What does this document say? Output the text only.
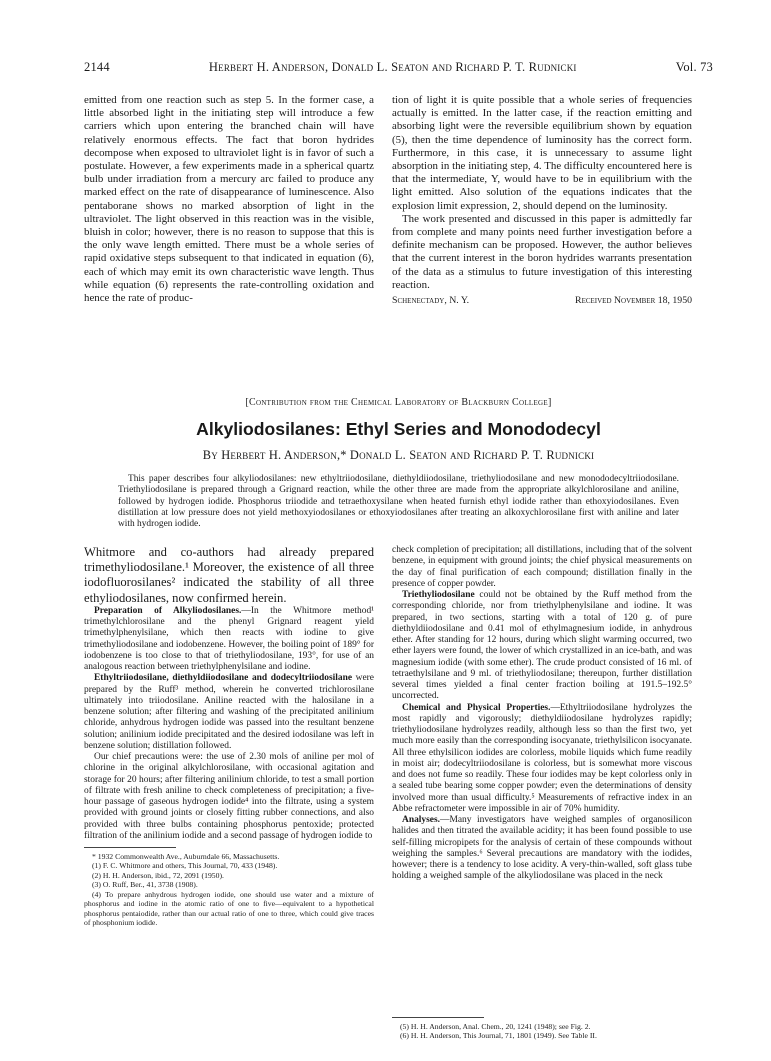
2144	Herbert H. Anderson, Donald L. Seaton and Richard P. T. Rudnicki	Vol. 73

emitted from one reaction such as step 5. In the former case, a little absorbed light in the initiating step will introduce a few carriers which upon entering the branched chain will have relatively enormous effects. The fact that boron hydrides decompose when exposed to ultraviolet light is in favor of such a postulate. However, a few experiments made in a spherical quartz bulb under irradiation from a mercury arc failed to produce any marked effect on the rate of disappearance of luminescence. Also pentaborane shows no marked absorption of light in the ultraviolet. The light observed in this reaction was in the visible, bluish in color; however, there is no reason to suppose that this is the only wave length emitted. There must be a whole series of rapid oxidative steps subsequent to that indicated in equation (6), each of which may emit its own characteristic wave length. Thus while equation (6) represents the rate-controlling oxidation and hence the rate of produc-

tion of light it is quite possible that a whole series of frequencies actually is emitted. In the latter case, if the reaction emitting and absorbing light were the reversible equilibrium shown by equation (5), then the time dependence of luminosity has the correct form. Furthermore, in this case, it is unnecessary to assume light absorption in the initiating step, 4. The difficulty encountered here is that the intermediate, Y, would have to be in equilibrium with the light emitted. Also solution of the equations indicates that the explosion limit expression, 2, should depend on the luminosity.

The work presented and discussed in this paper is admittedly far from complete and many points need further investigation before a definite mechanism can be proposed. However, the author believes that the current interest in the boron hydrides warrants presentation of the data as a stimulus to future investigation of this interesting reaction.

Schenectady, N. Y.	Received November 18, 1950
[Contribution from the Chemical Laboratory of Blackburn College]
Alkyliodosilanes: Ethyl Series and Monododecyl
By Herbert H. Anderson,* Donald L. Seaton and Richard P. T. Rudnicki
This paper describes four alkyliodosilanes: new ethyltriiodosilane, diethyldiiodosilane, triethyliodosilane and new monododecyltriiodosilane. Triethyliodosilane is prepared through a Grignard reaction, while the other three are made from the appropriate alkylchlorosilane and aniline, followed by hydrogen iodide. Phosphorus triiodide and tetraethoxysilane when heated furnish ethyl iodide rather than ethoxyiodosilanes. Even distillation at low pressure does not yield methoxyiodosilanes or ethoxyiodosilanes after treating an alkoxychlorosilane first with aniline and later with hydrogen iodide.

Whitmore and co-authors had already prepared trimethyliodosilane.¹ Moreover, the existence of all three iodofluorosilanes² indicated the stability of all three ethyliodosilanes, now confirmed herein.

Preparation of Alkyliodosilanes.—In the Whitmore method¹ trimethylchlorosilane and the phenyl Grignard reagent yield trimethylphenylsilane, which then reacts with iodine to give trimethyliodosilane and iodobenzene. However, the boiling point of 189° for iodobenzene is too close to that of triethyliodosilane, 193°, for use of an analogous reaction between triethylphenylsilane and iodine.

Ethyltriiodosilane, diethyldiiodosilane and dodecyltriiodosilane were prepared by the Ruff³ method, wherein he converted trichlorosilane ultimately into triiodosilane. Aniline reacted with the halosilane in a benzene solution; after filtering and washing of the precipitated anilinium chloride, anhydrous hydrogen iodide was passed into the resultant benzene solution; anilinium iodide precipitated and the desired iodosilane was left in benzene solution; distillation followed.

Our chief precautions were: the use of 2.30 mols of aniline per mol of chlorine in the original alkylchlorosilane, with occasional agitation and storage for 20 hours; after filtering anilinium chloride, to test a small portion of filtrate with fresh aniline to check completeness of precipitation; a five-hour passage of gaseous hydrogen iodide⁴ into the filtrate, using a system provided with ground joints or closely fitting rubber connections, and also provided with three bulbs containing phosphorus pentoxide; protected filtration of the anilinium iodide and a second passage of hydrogen iodide to

* 1932 Commonwealth Ave., Auburndale 66, Massachusetts.

(1) F. C. Whitmore and others, This Journal, 70, 433 (1948).

(2) H. H. Anderson, ibid., 72, 2091 (1950).

(3) O. Ruff, Ber., 41, 3738 (1908).

(4) To prepare anhydrous hydrogen iodide, one should use water and a mixture of phosphorus and iodine in the atomic ratio of one to five—equivalent to a hypothetical phosphorus pentaiodide, rather than our actual ratio of one to three, which could give traces of phosphonium iodide.

check completion of precipitation; all distillations, including that of the solvent benzene, in equipment with ground joints; the chief physical measurements on the day of final purification of each compound; distillation finally in the presence of copper powder.

Triethyliodosilane could not be obtained by the Ruff method from the corresponding chloride, nor from triethylphenylsilane and iodine. It was prepared, in two sections, starting with a total of 120 g. of pure diethyldiiodosilane and 0.41 mol of ethylmagnesium iodide, in anhydrous ether. After standing for 12 hours, during which slight warming occurred, two ether layers were found, the lower of which crystallized in an ice-bath, and was magnesium iodide (with some ether). The crude product consisted of 16 ml. of tetraethylsilane and 9 ml. of triethyliodosilane; thereupon, further distillation several times yielded a final center fraction boiling at 191.5–192.5° uncorrected.

Chemical and Physical Properties.—Ethyltriiodosilane hydrolyzes the most rapidly and vigorously; diethyldiiodosilane hydrolyzes rapidly; triethyliodosilane hydrolyzes readily, although less so than the first two, yet much more easily than the corresponding isocyanate, triethylsilicon isocyanate. All three ethylsilicon iodides are colorless, mobile liquids which fume readily in moist air; dodecyltriiodosilane is colorless, but is somewhat more viscous and does not fume so readily. These four iodides may be kept colorless only in a sealed tube bearing some copper powder; even the determinations of density involved more than usual difficulty.⁵ Measurements of refractive index in an Abbe refractometer were impossible in air of 70% humidity.

Analyses.—Many investigators have weighed samples of organosilicon halides and then titrated the available acidity; it has been found possible to use self-filling micropipets for the analysis of certain of these compounds without weighing the samples.⁶ Several precautions are mandatory with the iodides, however; there is a tendency to lose acidity. A very-thin-walled, soft glass tube holding a weighed sample of the alkyliodosilane was placed in the neck

(5) H. H. Anderson, Anal. Chem., 20, 1241 (1948); see Fig. 2.

(6) H. H. Anderson, This Journal, 71, 1801 (1949). See Table II.
